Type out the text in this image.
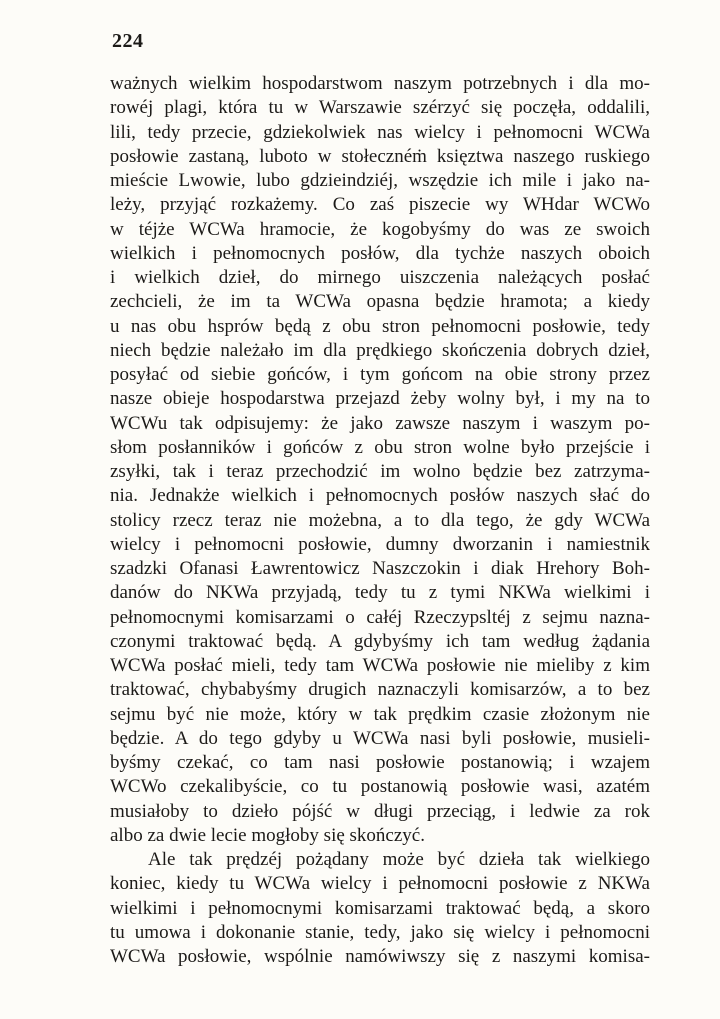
224
ważnych wielkim hospodarstwom naszym potrzebnych i dla mo-
rowéj plagi, która tu w Warszawie szérzyć się poczęła, oddalili,
lili, tedy przecie, gdziekolwiek nas wielcy i pełnomocni WCWa
posłowie zastaną, luboto w stołecznéṁ księztwa naszego ruskiego
mieście Lwowie, lubo gdzieindziéj, wszędzie ich mile i jako na-
leży, przyjąć rozkażemy. Co zaś piszecie wy WHdar WCWo
w téjże WCWa hramocie, że kogobyśmy do was ze swoich
wielkich i pełnomocnych posłów, dla tychże naszych oboich
i wielkich dzieł, do mirnego uiszczenia należących posłać
zechcieli, że im ta WCWa opasna będzie hramota; a kiedy
u nas obu hsprów będą z obu stron pełnomocni posłowie, tedy
niech będzie należało im dla prędkiego skończenia dobrych dzieł,
posyłać od siebie gońców, i tym gońcom na obie strony przez
nasze obieje hospodarstwa przejazd żeby wolny był, i my na to
WCWu tak odpisujemy: że jako zawsze naszym i waszym po-
słom posłanników i gońców z obu stron wolne było przejście i
zsyłki, tak i teraz przechodzić im wolno będzie bez zatrzyma-
nia. Jednakże wielkich i pełnomocnych posłów naszych słać do
stolicy rzecz teraz nie możebna, a to dla tego, że gdy WCWa
wielcy i pełnomocni posłowie, dumny dworzanin i namiestnik
szadzki Ofanasi Ławrentowicz Naszczokin i diak Hrehory Boh-
danów do NKWa przyjadą, tedy tu z tymi NKWa wielkimi i
pełnomocnymi komisarzami o całéj Rzeczypsltéj z sejmu nazna-
czonymi traktować będą. A gdybyśmy ich tam według żądania
WCWa posłać mieli, tedy tam WCWa posłowie nie mieliby z kim
traktować, chybabyśmy drugich naznaczyli komisarzów, a to bez
sejmu być nie może, który w tak prędkim czasie złożonym nie
będzie. A do tego gdyby u WCWa nasi byli posłowie, musieli-
byśmy czekać, co tam nasi posłowie postanowią; i wzajem
WCWo czekalibyście, co tu postanowią posłowie wasi, azatém
musiałoby to dzieło pójść w długi przeciąg, i ledwie za rok
albo za dwie lecie mogłoby się skończyć.
Ale tak prędzéj pożądany może być dzieła tak wielkiego
koniec, kiedy tu WCWa wielcy i pełnomocni posłowie z NKWa
wielkimi i pełnomocnymi komisarzami traktować będą, a skoro
tu umowa i dokonanie stanie, tedy, jako się wielcy i pełnomocni
WCWa posłowie, wspólnie namówiwszy się z naszymi komisa-
